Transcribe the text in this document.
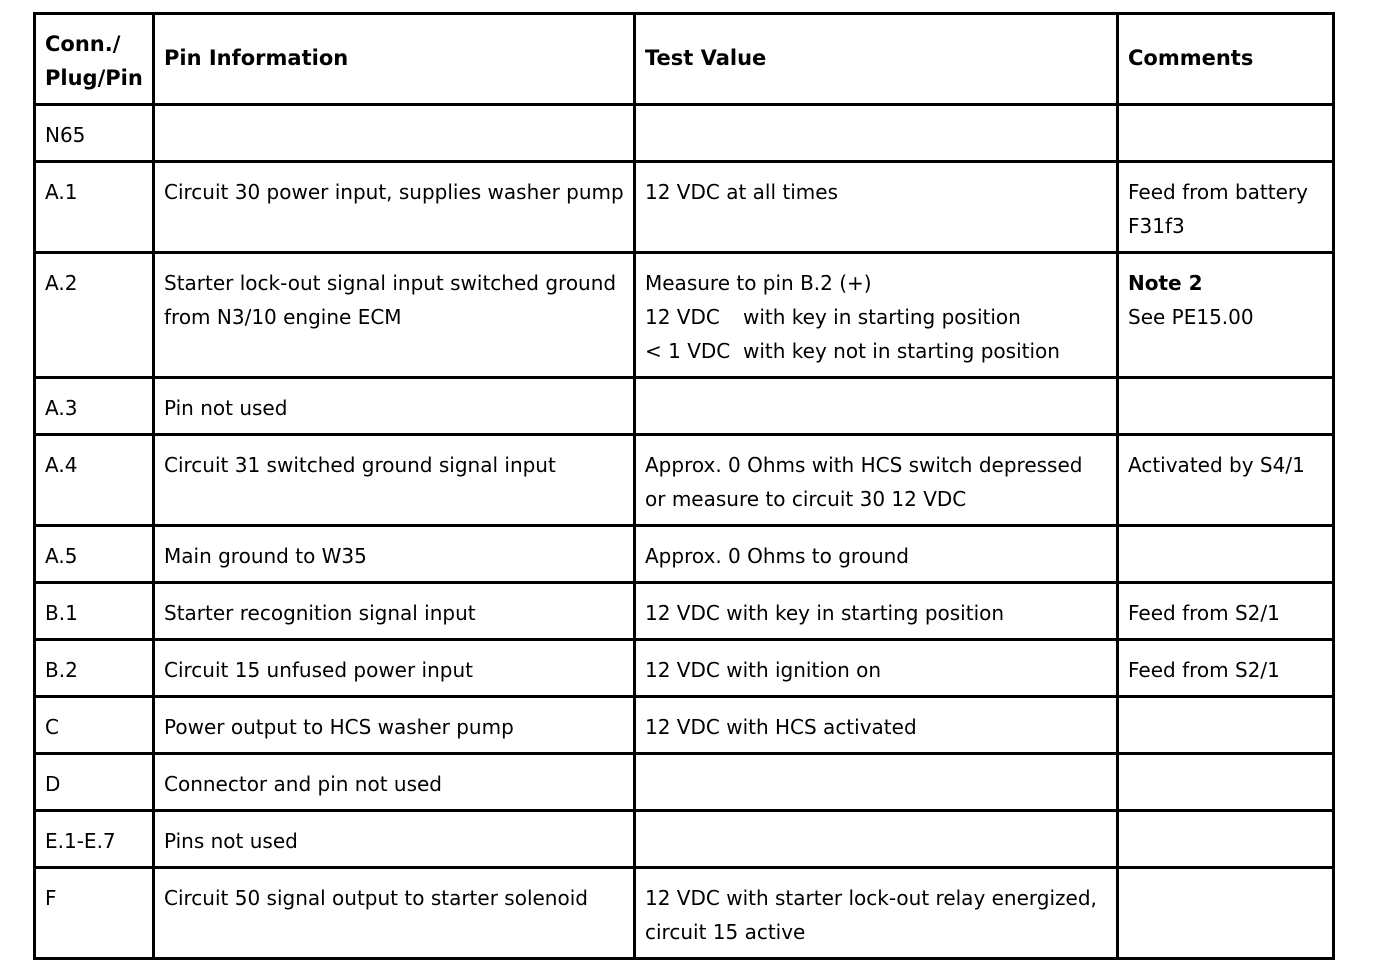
Conn./
Plug/Pin	Pin Information	Test Value	Comments

N65			

A.1	Circuit 30 power input, supplies washer pump	12 VDC at all times	Feed from battery
F31f3

A.2	Starter lock-out signal input switched ground
from N3/10 engine ECM	Measure to pin B.2 (+)
12 VDC with key in starting position
< 1 VDC with key not in starting position	Note 2
See PE15.00

A.3	Pin not used		

A.4	Circuit 31 switched ground signal input	Approx. 0 Ohms with HCS switch depressed
or measure to circuit 30 12 VDC	Activated by S4/1

A.5	Main ground to W35	Approx. 0 Ohms to ground	

B.1	Starter recognition signal input	12 VDC with key in starting position	Feed from S2/1

B.2	Circuit 15 unfused power input	12 VDC with ignition on	Feed from S2/1

C	Power output to HCS washer pump	12 VDC with HCS activated	

D	Connector and pin not used		

E.1-E.7	Pins not used		

F	Circuit 50 signal output to starter solenoid	12 VDC with starter lock-out relay energized,
circuit 15 active	
